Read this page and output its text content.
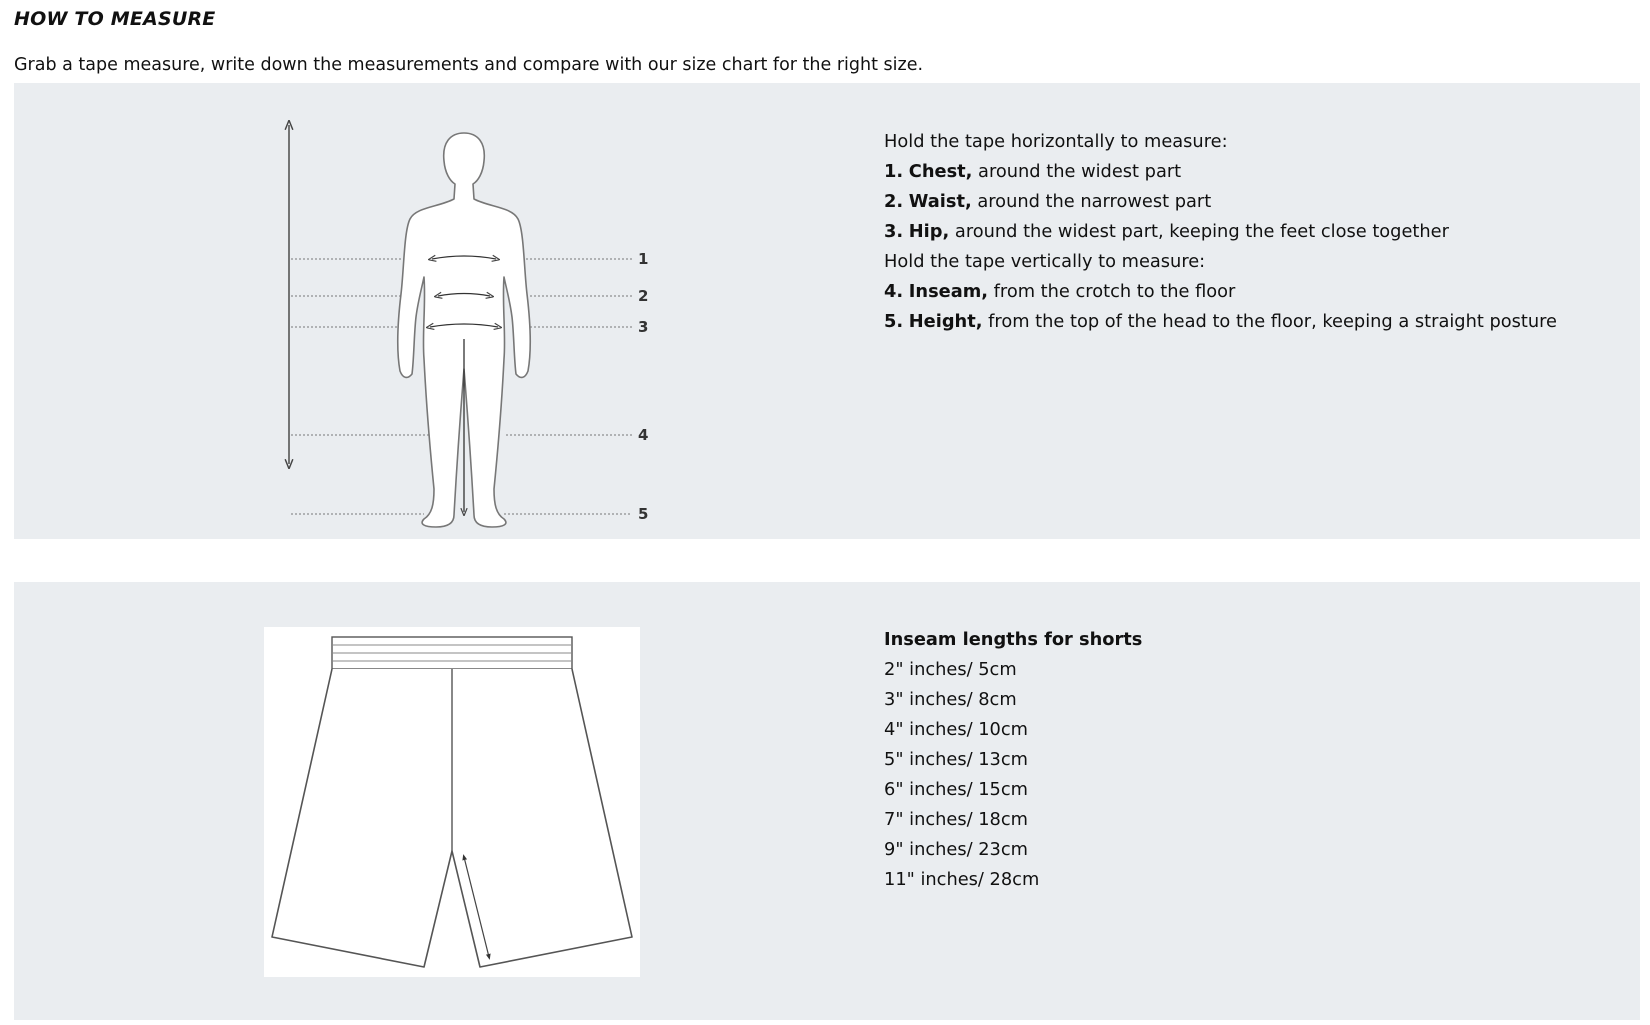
HOW TO MEASURE
Grab a tape measure, write down the measurements and compare with our size chart for the right size.
1
2
3
4
5
Hold the tape horizontally to measure:
1. Chest, around the widest part
2. Waist, around the narrowest part
3. Hip, around the widest part, keeping the feet close together
Hold the tape vertically to measure:
4. Inseam, from the crotch to the floor
5. Height, from the top of the head to the floor, keeping a straight posture
Inseam lengths for shorts
2" inches/ 5cm
3" inches/ 8cm
4" inches/ 10cm
5" inches/ 13cm
6" inches/ 15cm
7" inches/ 18cm
9" inches/ 23cm
11" inches/ 28cm
